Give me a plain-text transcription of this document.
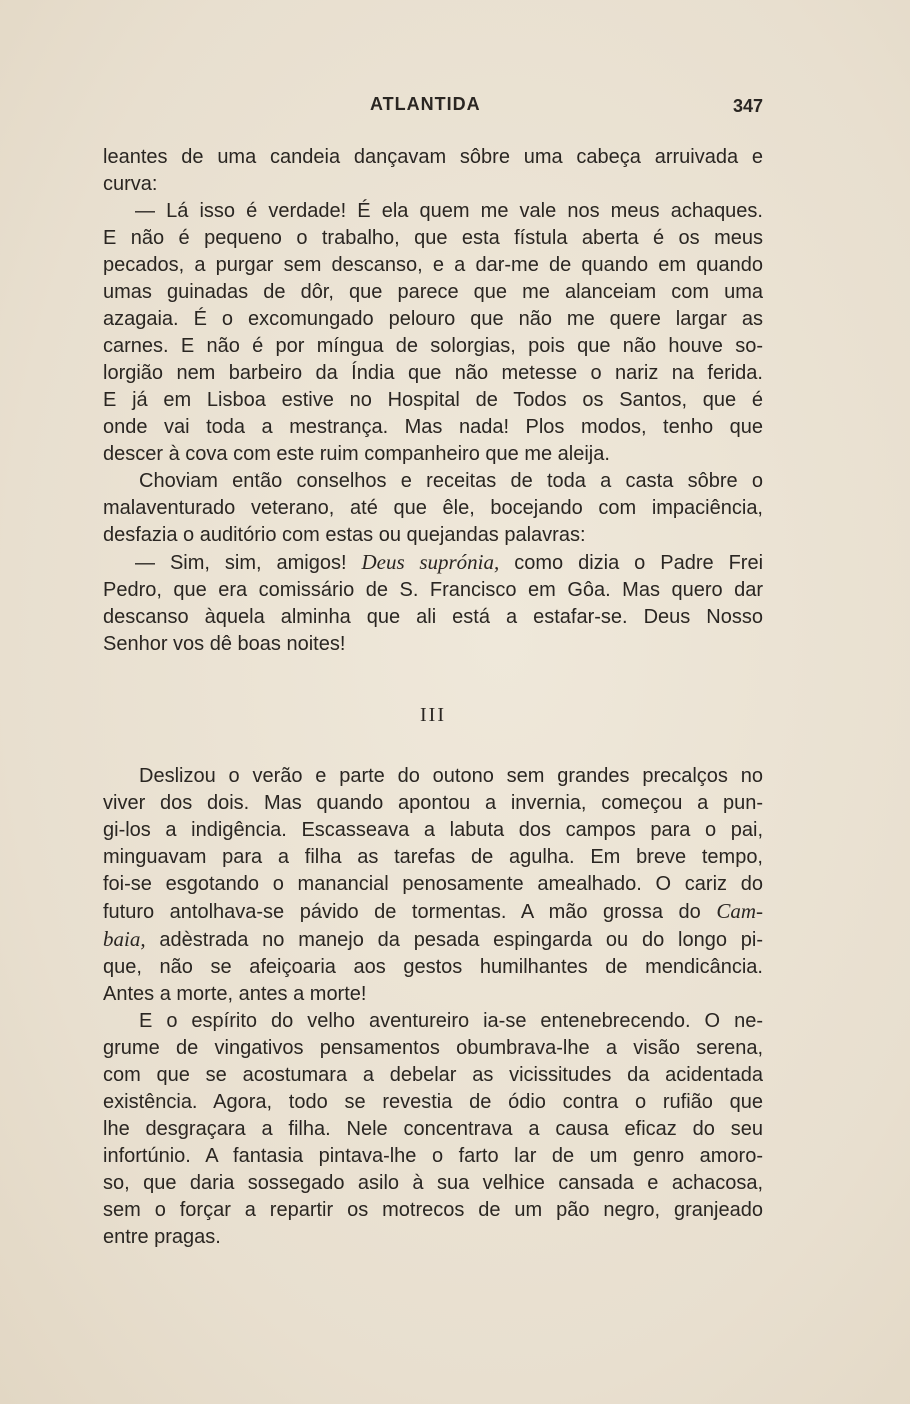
ATLANTIDA	347
leantes de uma candeia dançavam sôbre uma cabeça arruivada e
curva:
— Lá isso é verdade! É ela quem me vale nos meus achaques.
E não é pequeno o trabalho, que esta fístula aberta é os meus
pecados, a purgar sem descanso, e a dar-me de quando em quando
umas guinadas de dôr, que parece que me alanceiam com uma
azagaia. É o excomungado pelouro que não me quere largar as
carnes. E não é por míngua de solorgias, pois que não houve so-
lorgião nem barbeiro da Índia que não metesse o nariz na ferida.
E já em Lisboa estive no Hospital de Todos os Santos, que é
onde vai toda a mestrança. Mas nada! Plos modos, tenho que
descer à cova com este ruim companheiro que me aleija.
Choviam então conselhos e receitas de toda a casta sôbre o
malaventurado veterano, até que êle, bocejando com impaciência,
desfazia o auditório com estas ou quejandas palavras:
— Sim, sim, amigos! Deus suprónia, como dizia o Padre Frei
Pedro, que era comissário de S. Francisco em Gôa. Mas quero dar
descanso àquela alminha que ali está a estafar-se. Deus Nosso
Senhor vos dê boas noites!
III
Deslizou o verão e parte do outono sem grandes precalços no
viver dos dois. Mas quando apontou a invernia, começou a pun-
gi-los a indigência. Escasseava a labuta dos campos para o pai,
minguavam para a filha as tarefas de agulha. Em breve tempo,
foi-se esgotando o manancial penosamente amealhado. O cariz do
futuro antolhava-se pávido de tormentas. A mão grossa do Cam-
baia, adèstrada no manejo da pesada espingarda ou do longo pi-
que, não se afeiçoaria aos gestos humilhantes de mendicância.
Antes a morte, antes a morte!
E o espírito do velho aventureiro ia-se entenebrecendo. O ne-
grume de vingativos pensamentos obumbrava-lhe a visão serena,
com que se acostumara a debelar as vicissitudes da acidentada
existência. Agora, todo se revestia de ódio contra o rufião que
lhe desgraçara a filha. Nele concentrava a causa eficaz do seu
infortúnio. A fantasia pintava-lhe o farto lar de um genro amoro-
so, que daria sossegado asilo à sua velhice cansada e achacosa,
sem o forçar a repartir os motrecos de um pão negro, granjeado
entre pragas.
